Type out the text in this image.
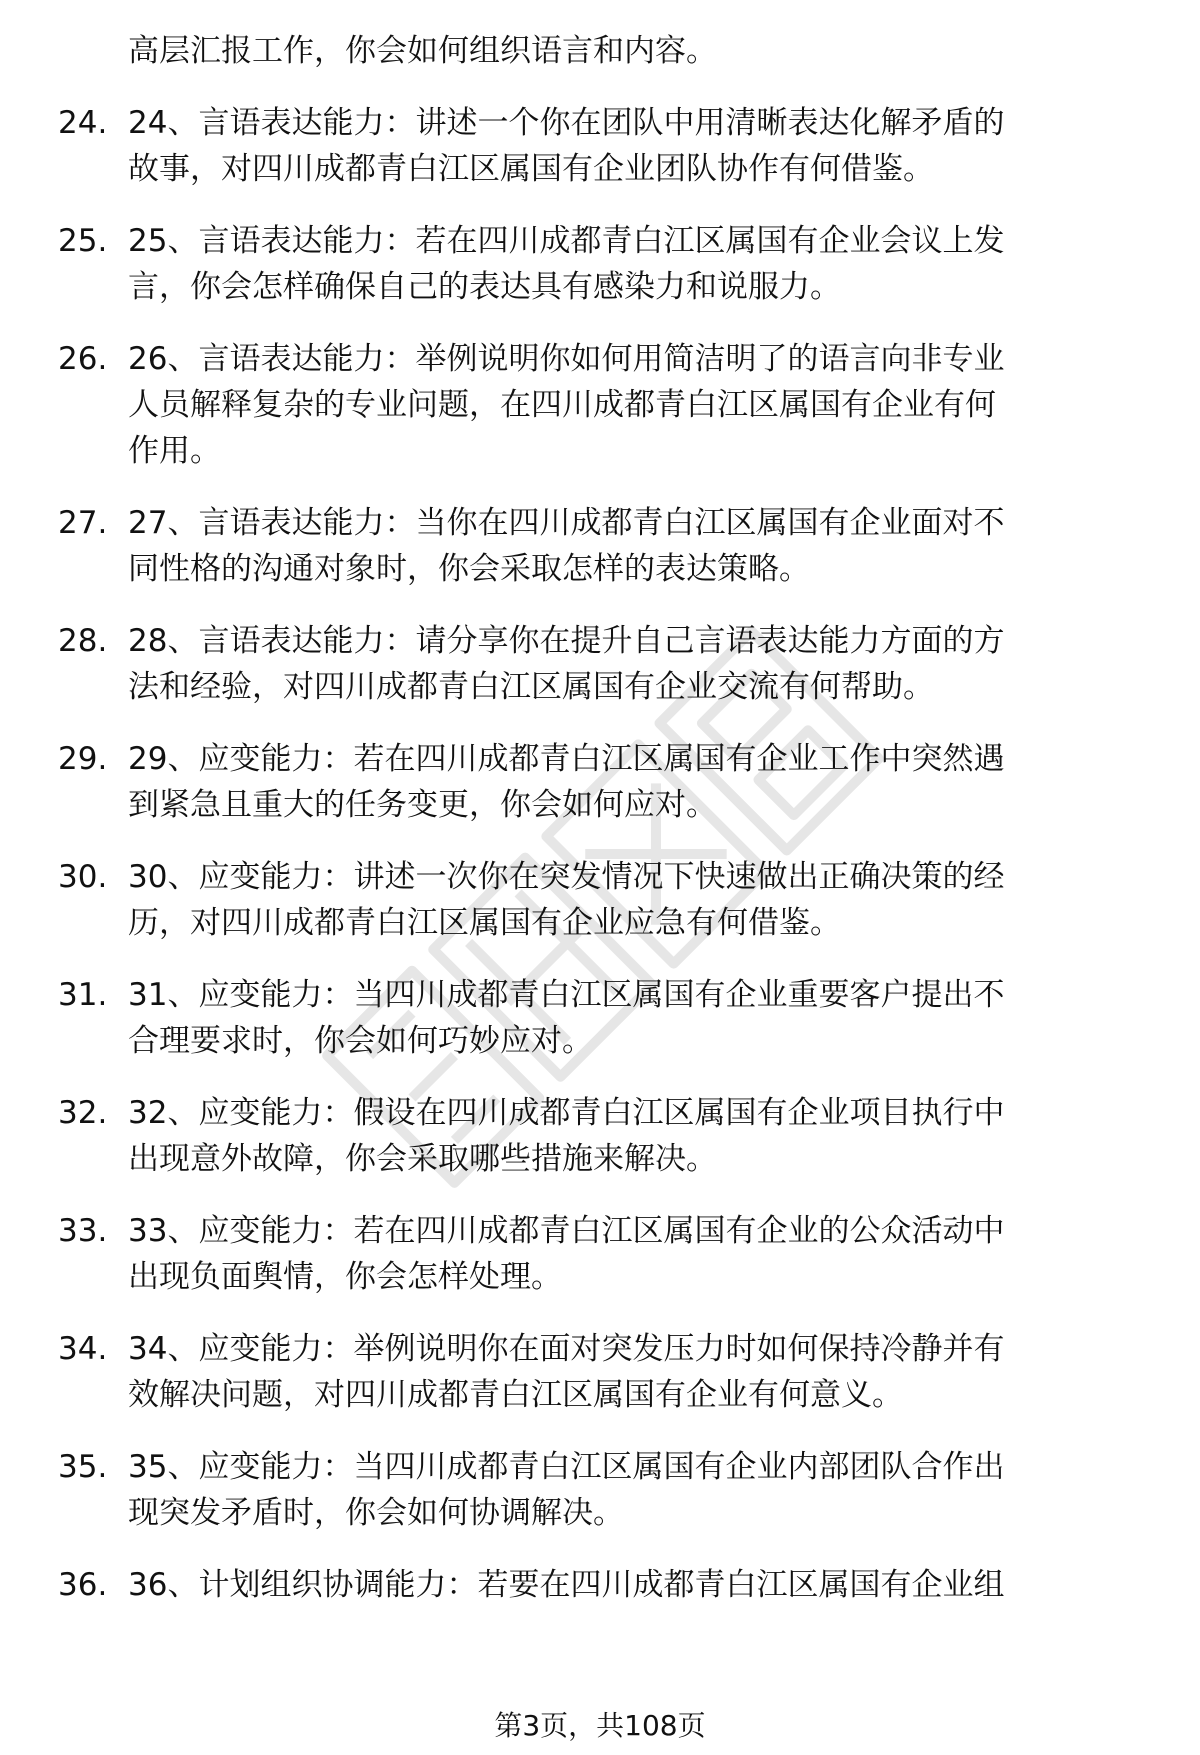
高层汇报工作，你会如何组织语言和内容。

24. 24、言语表达能力：讲述一个你在团队中用清晰表达化解矛盾的
故事，对四川成都青白江区属国有企业团队协作有何借鉴。
25. 25、言语表达能力：若在四川成都青白江区属国有企业会议上发
言，你会怎样确保自己的表达具有感染力和说服力。
26. 26、言语表达能力：举例说明你如何用简洁明了的语言向非专业
人员解释复杂的专业问题，在四川成都青白江区属国有企业有何
作用。
27. 27、言语表达能力：当你在四川成都青白江区属国有企业面对不
同性格的沟通对象时，你会采取怎样的表达策略。
28. 28、言语表达能力：请分享你在提升自己言语表达能力方面的方
法和经验，对四川成都青白江区属国有企业交流有何帮助。
29. 29、应变能力：若在四川成都青白江区属国有企业工作中突然遇
到紧急且重大的任务变更，你会如何应对。
30. 30、应变能力：讲述一次你在突发情况下快速做出正确决策的经
历，对四川成都青白江区属国有企业应急有何借鉴。
31. 31、应变能力：当四川成都青白江区属国有企业重要客户提出不
合理要求时，你会如何巧妙应对。
32. 32、应变能力：假设在四川成都青白江区属国有企业项目执行中
出现意外故障，你会采取哪些措施来解决。
33. 33、应变能力：若在四川成都青白江区属国有企业的公众活动中
出现负面舆情，你会怎样处理。
34. 34、应变能力：举例说明你在面对突发压力时如何保持冷静并有
效解决问题，对四川成都青白江区属国有企业有何意义。
35. 35、应变能力：当四川成都青白江区属国有企业内部团队合作出
现突发矛盾时，你会如何协调解决。
36. 36、计划组织协调能力：若要在四川成都青白江区属国有企业组
第3页，共108页
